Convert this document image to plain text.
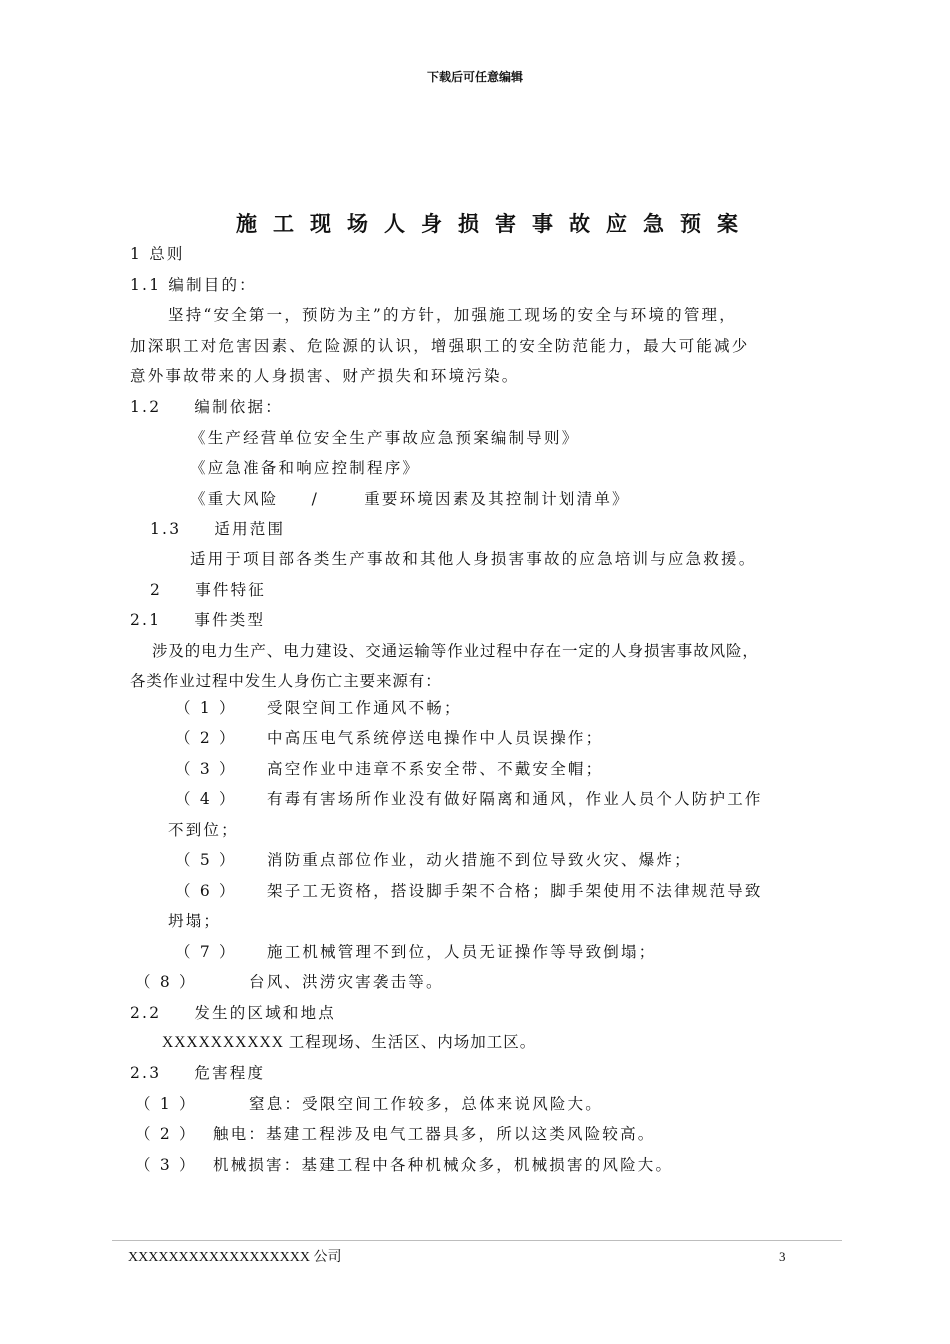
下载后可任意编辑
施工现场人身损害事故应急预案
1 总则
1.1 编制目的：
坚持“安全第一，预防为主”的方针，加强施工现场的安全与环境的管理，
加深职工对危害因素、危险源的认识，增强职工的安全防范能力，最大可能减少
意外事故带来的人身损害、财产损失和环境污染。
1.2 编制依据：
《生产经营单位安全生产事故应急预案编制导则》
《应急准备和响应控制程序》
《重大风险 /	重要环境因素及其控制计划清单》
1.3 适用范围
适用于项目部各类生产事故和其他人身损害事故的应急培训与应急救援。
2 事件特征
2.1 事件类型
涉及的电力生产、电力建设、交通运输等作业过程中存在一定的人身损害事故风险，
各类作业过程中发生人身伤亡主要来源有：
（ 1 ） 受限空间工作通风不畅；
（ 2 ） 中高压电气系统停送电操作中人员误操作；
（ 3 ） 高空作业中违章不系安全带、不戴安全帽；
（ 4 ） 有毒有害场所作业没有做好隔离和通风，作业人员个人防护工作
不到位；
（ 5 ） 消防重点部位作业，动火措施不到位导致火灾、爆炸；
（ 6 ） 架子工无资格，搭设脚手架不合格；脚手架使用不法律规范导致
坍塌；
（ 7 ） 施工机械管理不到位，人员无证操作等导致倒塌；
（ 8 ）	台风、洪涝灾害袭击等。
2.2 发生的区域和地点
XXXXXXXXXX 工程现场、生活区、内场加工区。
2.3 危害程度
（ 1 ）	窒息：受限空间工作较多，总体来说风险大。
（ 2 ） 触电：基建工程涉及电气工器具多，所以这类风险较高。
（ 3 ） 机械损害：基建工程中各种机械众多，机械损害的风险大。
XXXXXXXXXXXXXXXXXX 公司	3
